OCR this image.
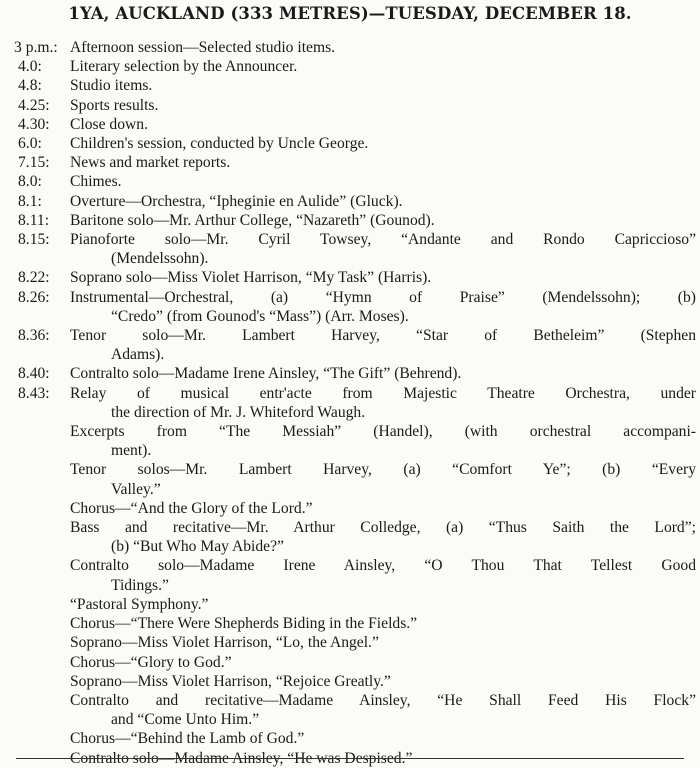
1YA, AUCKLAND (333 METRES)—TUESDAY, DECEMBER 18.
3 p.m.: Afternoon session—Selected studio items.
4.0: Literary selection by the Announcer.
4.8: Studio items.
4.25: Sports results.
4.30: Close down.
6.0: Children's session, conducted by Uncle George.
7.15: News and market reports.
8.0: Chimes.
8.1: Overture—Orchestra, “Ipheginie en Aulide” (Gluck).
8.11: Baritone solo—Mr. Arthur College, “Nazareth” (Gounod).
8.15: Pianoforte solo—Mr. Cyril Towsey, “Andante and Rondo Capriccioso”
(Mendelssohn).
8.22: Soprano solo—Miss Violet Harrison, “My Task” (Harris).
8.26: Instrumental—Orchestral, (a) “Hymn of Praise” (Mendelssohn); (b)
“Credo” (from Gounod's “Mass”) (Arr. Moses).
8.36: Tenor solo—Mr. Lambert Harvey, “Star of Betheleim” (Stephen
Adams).
8.40: Contralto solo—Madame Irene Ainsley, “The Gift” (Behrend).
8.43: Relay of musical entr'acte from Majestic Theatre Orchestra, under
the direction of Mr. J. Whiteford Waugh.
Excerpts from “The Messiah” (Handel), (with orchestral accompani-
ment).
Tenor solos—Mr. Lambert Harvey, (a) “Comfort Ye”; (b) “Every
Valley.”
Chorus—“And the Glory of the Lord.”
Bass and recitative—Mr. Arthur Colledge, (a) “Thus Saith the Lord”;
(b) “But Who May Abide?”
Contralto solo—Madame Irene Ainsley, “O Thou That Tellest Good
Tidings.”
“Pastoral Symphony.”
Chorus—“There Were Shepherds Biding in the Fields.”
Soprano—Miss Violet Harrison, “Lo, the Angel.”
Chorus—“Glory to God.”
Soprano—Miss Violet Harrison, “Rejoice Greatly.”
Contralto and recitative—Madame Ainsley, “He Shall Feed His Flock”
and “Come Unto Him.”
Chorus—“Behind the Lamb of God.”
Contralto solo—Madame Ainsley, “He was Despised.”
